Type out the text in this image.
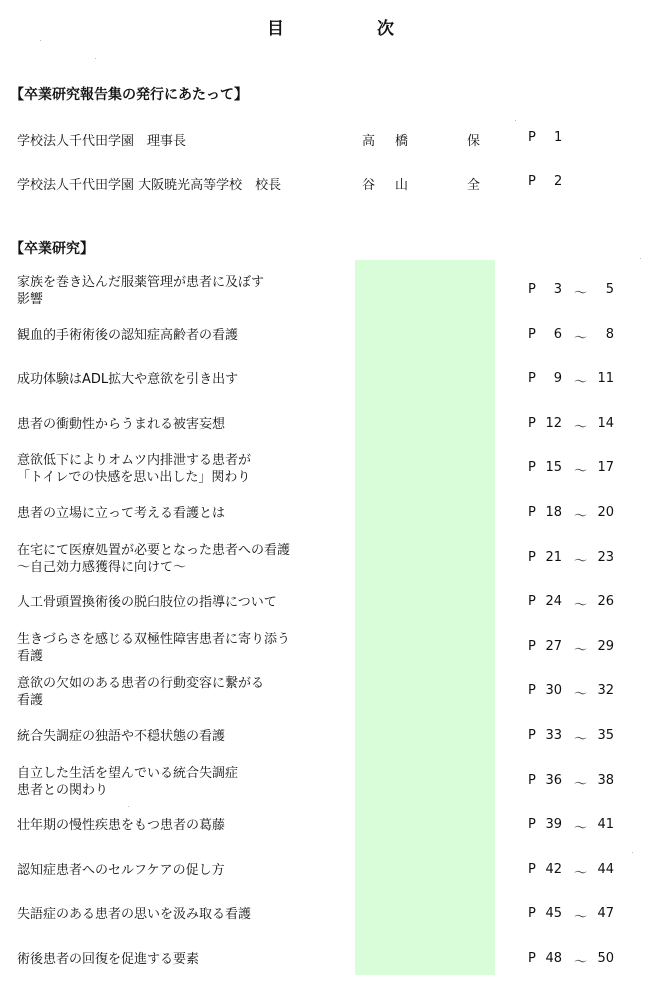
目　次
【卒業研究報告集の発行にあたって】
学校法人千代田学園　理事長	高 橋	保	P 1
学校法人千代田学園 大阪暁光高等学校　校長	谷 山	全	P 2
【卒業研究】
家族を巻き込んだ服薬管理が患者に及ぼす
影響
P	3 〜	5
観血的手術術後の認知症高齢者の看護	P	6 〜	8
成功体験はADL拡大や意欲を引き出す	P	9 〜 11
患者の衝動性からうまれる被害妄想	P 12 〜 14
意欲低下によりオムツ内排泄する患者が
「トイレでの快感を思い出した」関わり
P 15 〜 17
患者の立場に立って考える看護とは	P 18 〜 20
在宅にて医療処置が必要となった患者への看護
〜自己効力感獲得に向けて〜
P 21 〜 23
人工骨頭置換術後の脱臼肢位の指導について	P 24 〜 26
生きづらさを感じる双極性障害患者に寄り添う
看護
P 27 〜 29
意欲の欠如のある患者の行動変容に繋がる
看護
P 30 〜 32
統合失調症の独語や不穏状態の看護	P 33 〜 35
自立した生活を望んでいる統合失調症
患者との関わり
P 36 〜 38
壮年期の慢性疾患をもつ患者の葛藤	P 39 〜 41
認知症患者へのセルフケアの促し方	P 42 〜 44
失語症のある患者の思いを汲み取る看護	P 45 〜 47
術後患者の回復を促進する要素	P 48 〜 50
